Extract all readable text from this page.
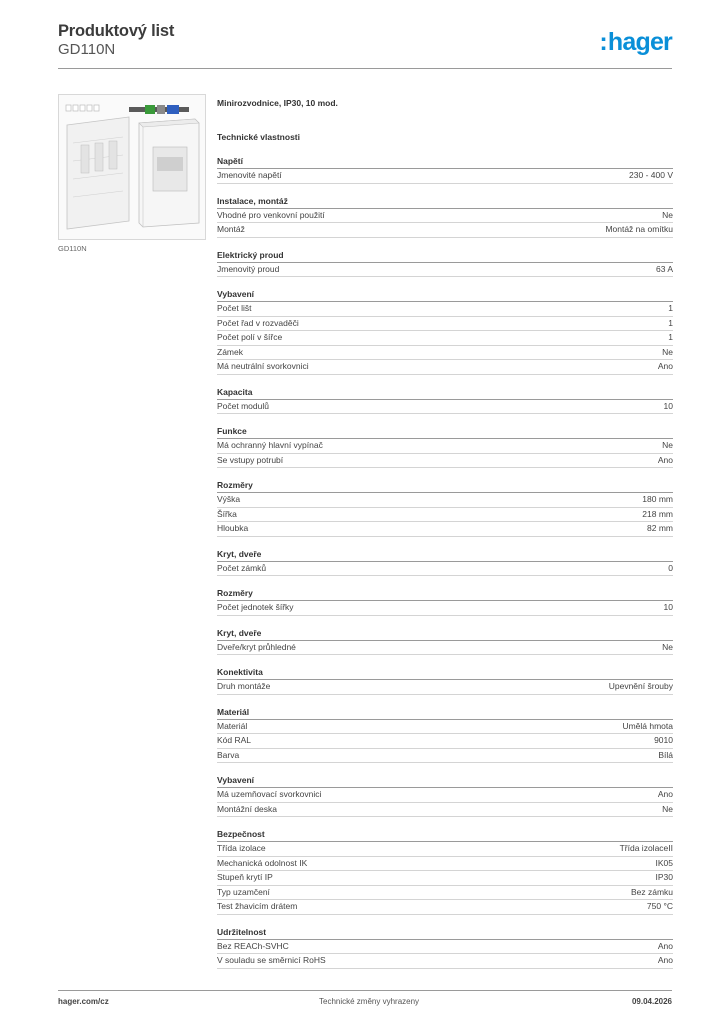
Produktový list
GD110N	:hager
GD110N
Minirozvodnice, IP30, 10 mod.
Technické vlastnosti
Napětí
Jmenovité napětí	230 - 400 V
Instalace, montáž
Vhodné pro venkovní použití	Ne
Montáž	Montáž na omítku
Elektrický proud
Jmenovitý proud	63 A
Vybavení
Počet lišt	1
Počet řad v rozvaděči	1
Počet polí v šířce	1
Zámek	Ne
Má neutrální svorkovnici	Ano
Kapacita
Počet modulů	10
Funkce
Má ochranný hlavní vypínač	Ne
Se vstupy potrubí	Ano
Rozměry
Výška	180 mm
Šířka	218 mm
Hloubka	82 mm
Kryt, dveře
Počet zámků	0
Rozměry
Počet jednotek šířky	10
Kryt, dveře
Dveře/kryt průhledné	Ne
Konektivita
Druh montáže	Upevnění šrouby
Materiál
Materiál	Umělá hmota
Kód RAL	9010
Barva	Bílá
Vybavení
Má uzemňovací svorkovnici	Ano
Montážní deska	Ne
Bezpečnost
Třída izolace	Třída izolaceII
Mechanická odolnost IK	IK05
Stupeň krytí IP	IP30
Typ uzamčení	Bez zámku
Test žhavicím drátem	750 °C
Udržitelnost
Bez REACh-SVHC	Ano
V souladu se směrnicí RoHS	Ano
hager.com/cz	Technické změny vyhrazeny	09.04.2026
